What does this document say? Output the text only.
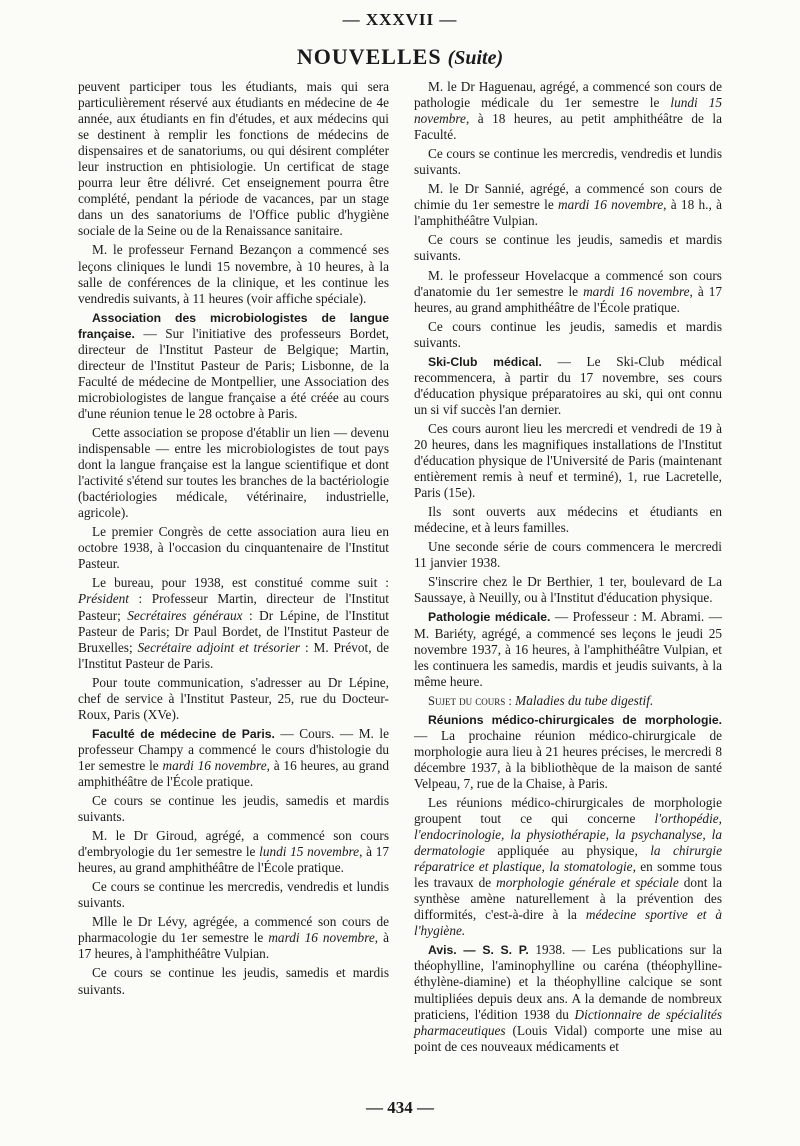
— XXXVII —
NOUVELLES (Suite)

peuvent participer tous les étudiants, mais qui sera particulièrement réservé aux étudiants en médecine de 4e année, aux étudiants en fin d'études, et aux médecins qui se destinent à remplir les fonctions de médecins de dispensaires et de sanatoriums, ou qui désirent compléter leur instruction en phtisiologie. Un certificat de stage pourra leur être délivré. Cet enseignement pourra être complété, pendant la période de vacances, par un stage dans un des sanatoriums de l'Office public d'hygiène sociale de la Seine ou de la Renaissance sanitaire.

M. le professeur Fernand Bezançon a commencé ses leçons cliniques le lundi 15 novembre, à 10 heures, à la salle de conférences de la clinique, et les continue les vendredis suivants, à 11 heures (voir affiche spéciale).

Association des microbiologistes de langue française. — Sur l'initiative des professeurs Bordet, directeur de l'Institut Pasteur de Belgique; Martin, directeur de l'Institut Pasteur de Paris; Lisbonne, de la Faculté de médecine de Montpellier, une Association des microbiologistes de langue française a été créée au cours d'une réunion tenue le 28 octobre à Paris.

Cette association se propose d'établir un lien — devenu indispensable — entre les microbiologistes de tout pays dont la langue française est la langue scientifique et dont l'activité s'étend sur toutes les branches de la bactériologie (bactériologies médicale, vétérinaire, industrielle, agricole).

Le premier Congrès de cette association aura lieu en octobre 1938, à l'occasion du cinquantenaire de l'Institut Pasteur.

Le bureau, pour 1938, est constitué comme suit : Président : Professeur Martin, directeur de l'Institut Pasteur; Secrétaires généraux : Dr Lépine, de l'Institut Pasteur de Paris; Dr Paul Bordet, de l'Institut Pasteur de Bruxelles; Secrétaire adjoint et trésorier : M. Prévot, de l'Institut Pasteur de Paris.

Pour toute communication, s'adresser au Dr Lépine, chef de service à l'Institut Pasteur, 25, rue du Docteur-Roux, Paris (XVe).

Faculté de médecine de Paris. — Cours. — M. le professeur Champy a commencé le cours d'histologie du 1er semestre le mardi 16 novembre, à 16 heures, au grand amphithéâtre de l'École pratique.

Ce cours se continue les jeudis, samedis et mardis suivants.

M. le Dr Giroud, agrégé, a commencé son cours d'embryologie du 1er semestre le lundi 15 novembre, à 17 heures, au grand amphithéâtre de l'École pratique.

Ce cours se continue les mercredis, vendredis et lundis suivants.

Mlle le Dr Lévy, agrégée, a commencé son cours de pharmacologie du 1er semestre le mardi 16 novembre, à 17 heures, à l'amphithéâtre Vulpian.

Ce cours se continue les jeudis, samedis et mardis suivants.

M. le Dr Haguenau, agrégé, a commencé son cours de pathologie médicale du 1er semestre le lundi 15 novembre, à 18 heures, au petit amphithéâtre de la Faculté.

Ce cours se continue les mercredis, vendredis et lundis suivants.

M. le Dr Sannié, agrégé, a commencé son cours de chimie du 1er semestre le mardi 16 novembre, à 18 h., à l'amphithéâtre Vulpian.

Ce cours se continue les jeudis, samedis et mardis suivants.

M. le professeur Hovelacque a commencé son cours d'anatomie du 1er semestre le mardi 16 novembre, à 17 heures, au grand amphithéâtre de l'École pratique.

Ce cours continue les jeudis, samedis et mardis suivants.

Ski-Club médical. — Le Ski-Club médical recommencera, à partir du 17 novembre, ses cours d'éducation physique préparatoires au ski, qui ont connu un si vif succès l'an dernier.

Ces cours auront lieu les mercredi et vendredi de 19 à 20 heures, dans les magnifiques installations de l'Institut d'éducation physique de l'Université de Paris (maintenant entièrement remis à neuf et terminé), 1, rue Lacretelle, Paris (15e).

Ils sont ouverts aux médecins et étudiants en médecine, et à leurs familles.

Une seconde série de cours commencera le mercredi 11 janvier 1938.

S'inscrire chez le Dr Berthier, 1 ter, boulevard de La Saussaye, à Neuilly, ou à l'Institut d'éducation physique.

Pathologie médicale. — Professeur : M. Abrami. — M. Bariéty, agrégé, a commencé ses leçons le jeudi 25 novembre 1937, à 16 heures, à l'amphithéâtre Vulpian, et les continuera les samedis, mardis et jeudis suivants, à la même heure.

Sujet du cours : Maladies du tube digestif.

Réunions médico-chirurgicales de morphologie. — La prochaine réunion médico-chirurgicale de morphologie aura lieu à 21 heures précises, le mercredi 8 décembre 1937, à la bibliothèque de la maison de santé Velpeau, 7, rue de la Chaise, à Paris.

Les réunions médico-chirurgicales de morphologie groupent tout ce qui concerne l'orthopédie, l'endocrinologie, la physiothérapie, la psychanalyse, la dermatologie appliquée au physique, la chirurgie réparatrice et plastique, la stomatologie, en somme tous les travaux de morphologie générale et spéciale dont la synthèse amène naturellement à la prévention des difformités, c'est-à-dire à la médecine sportive et à l'hygiène.

Avis. — S. S. P. 1938. — Les publications sur la théophylline, l'aminophylline ou caréna (théophylline-éthylène-diamine) et la théophylline calcique se sont multipliées depuis deux ans. A la demande de nombreux praticiens, l'édition 1938 du Dictionnaire de spécialités pharmaceutiques (Louis Vidal) comporte une mise au point de ces nouveaux médicaments et

— 434 —
